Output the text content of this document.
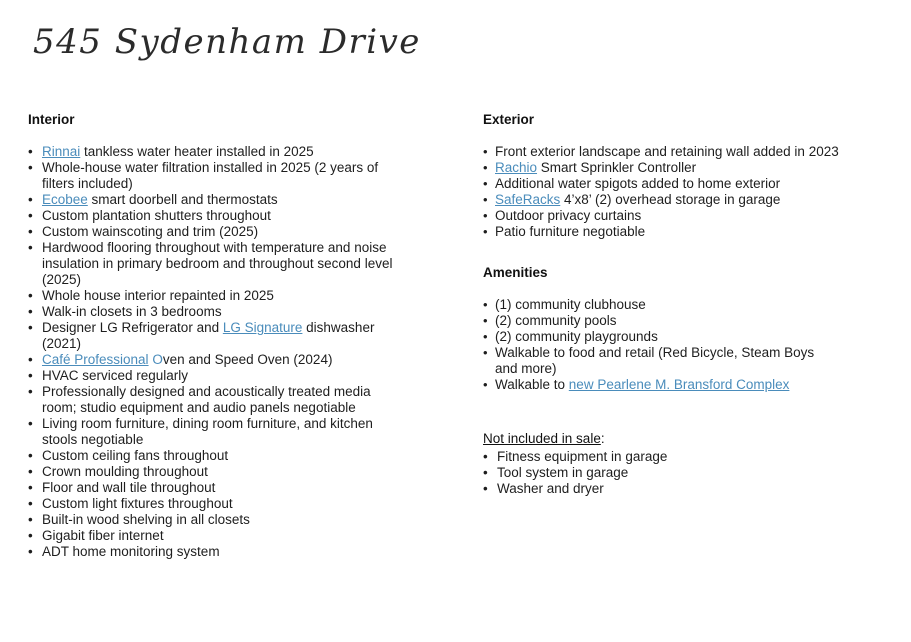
545 Sydenham Drive
Interior
• Rinnai tankless water heater installed in 2025
• Whole-house water filtration installed in 2025 (2 years of
filters included)
• Ecobee smart doorbell and thermostats
• Custom plantation shutters throughout
• Custom wainscoting and trim (2025)
• Hardwood flooring throughout with temperature and noise
insulation in primary bedroom and throughout second level
(2025)
• Whole house interior repainted in 2025
• Walk-in closets in 3 bedrooms
• Designer LG Refrigerator and LG Signature dishwasher
(2021)
• Café Professional Oven and Speed Oven (2024)
• HVAC serviced regularly
• Professionally designed and acoustically treated media
room; studio equipment and audio panels negotiable
• Living room furniture, dining room furniture, and kitchen
stools negotiable
• Custom ceiling fans throughout
• Crown moulding throughout
• Floor and wall tile throughout
• Custom light fixtures throughout
• Built-in wood shelving in all closets
• Gigabit fiber internet
• ADT home monitoring system
Exterior
• Front exterior landscape and retaining wall added in 2023
• Rachio Smart Sprinkler Controller
• Additional water spigots added to home exterior
• SafeRacks 4’x8’ (2) overhead storage in garage
• Outdoor privacy curtains
• Patio furniture negotiable
Amenities
• (1) community clubhouse
• (2) community pools
• (2) community playgrounds
• Walkable to food and retail (Red Bicycle, Steam Boys
and more)
• Walkable to new Pearlene M. Bransford Complex
Not included in sale:
• Fitness equipment in garage
• Tool system in garage
• Washer and dryer
